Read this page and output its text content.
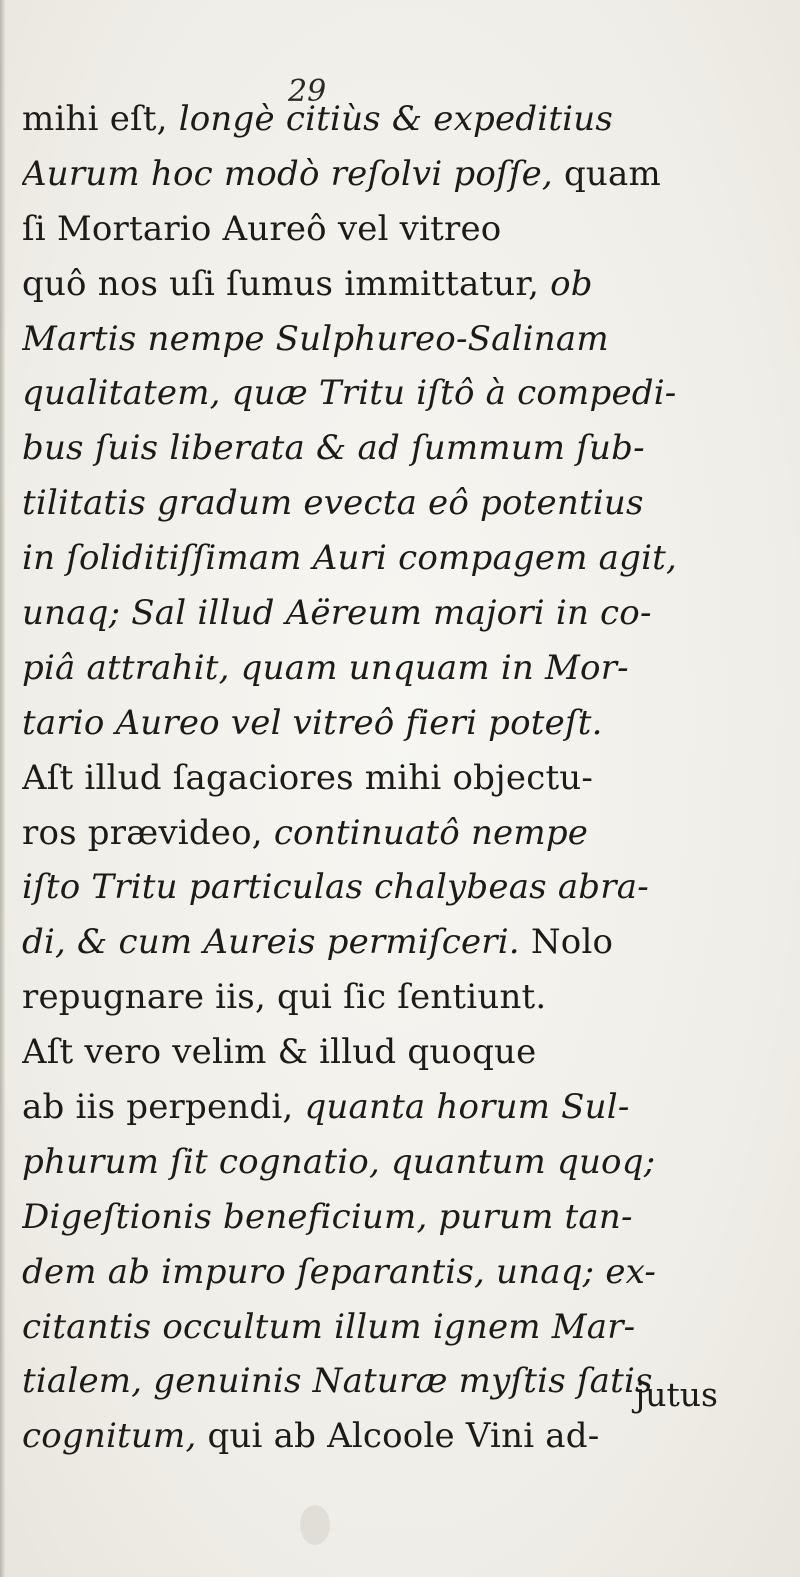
29
mihi eſt, longè citiùs & expeditius
Aurum hoc modò reſolvi poſſe, quam
ſi Mortario Aureô vel vitreo
quô nos uſi ſumus immittatur, ob
Martis nempe Sulphureo-Salinam
qualitatem, quæ Tritu iſtô à compedi-
bus ſuis liberata & ad ſummum ſub-
tilitatis gradum evecta eô potentius
in ſoliditiſſimam Auri compagem agit,
unaq; Sal illud Aëreum majori in co-
piâ attrahit, quam unquam in Mor-
tario Aureo vel vitreô fieri poteſt.
Aſt illud ſagaciores mihi objectu-
ros prævideo, continuatô nempe
iſto Tritu particulas chalybeas abra-
di, & cum Aureis permiſceri. Nolo
repugnare iis, qui ſic ſentiunt.
Aſt vero velim & illud quoque
ab iis perpendi, quanta horum Sul-
phurum ſit cognatio, quantum quoq;
Digeſtionis beneficium, purum tan-
dem ab impuro ſeparantis, unaq; ex-
citantis occultum illum ignem Mar-
tialem, genuinis Naturæ myſtis ſatis
cognitum, qui ab Alcoole Vini ad-
jutus
